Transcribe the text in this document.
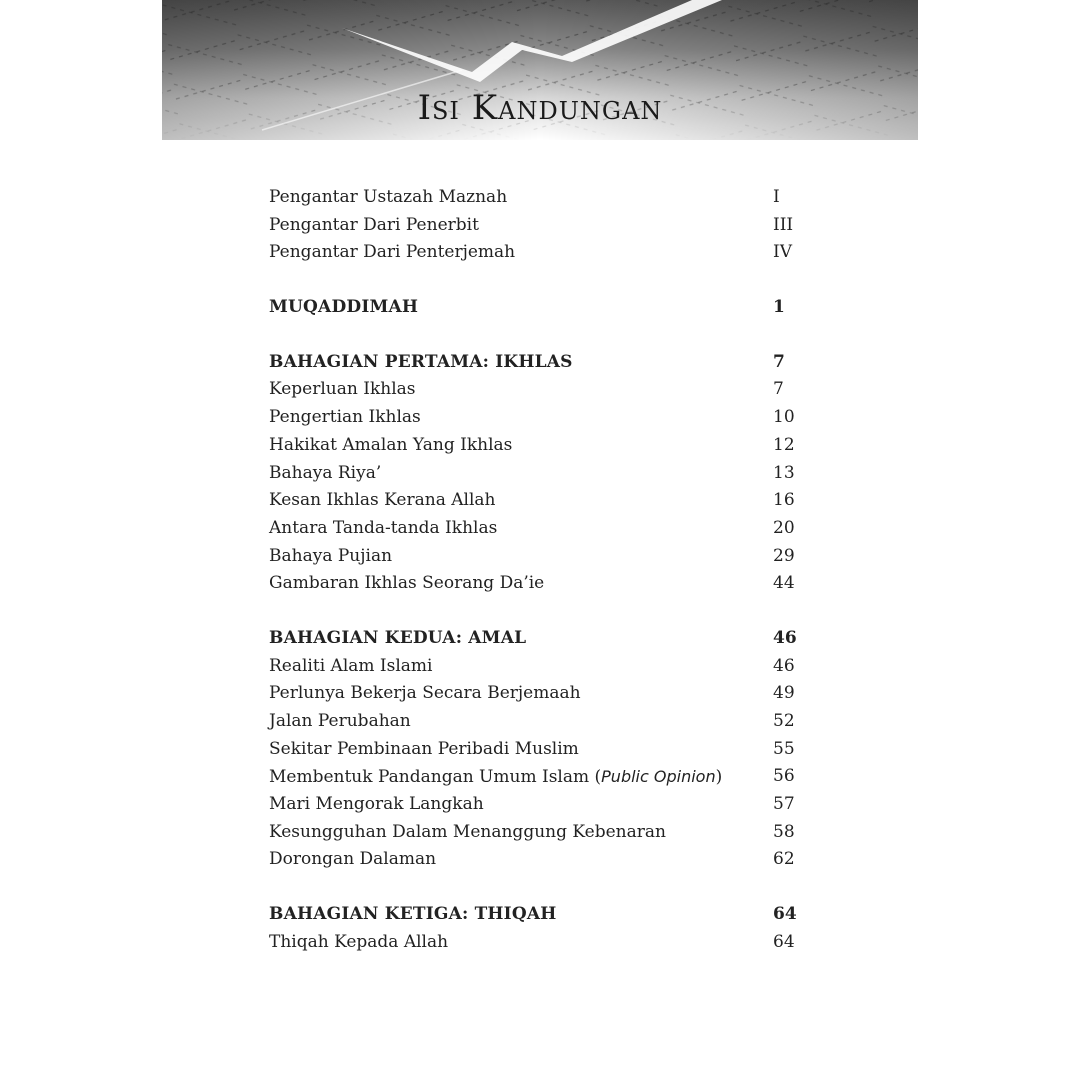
Isi Kandungan
Pengantar Ustazah Maznah	I
Pengantar Dari Penerbit	III
Pengantar Dari Penterjemah	IV
MUQADDIMAH	1
BAHAGIAN PERTAMA: IKHLAS	7
Keperluan Ikhlas	7
Pengertian Ikhlas	10
Hakikat Amalan Yang Ikhlas	12
Bahaya Riya’	13
Kesan Ikhlas Kerana Allah	16
Antara Tanda-tanda Ikhlas	20
Bahaya Pujian	29
Gambaran Ikhlas Seorang Da’ie	44
BAHAGIAN KEDUA: AMAL	46
Realiti Alam Islami	46
Perlunya Bekerja Secara Berjemaah	49
Jalan Perubahan	52
Sekitar Pembinaan Peribadi Muslim	55
Membentuk Pandangan Umum Islam (Public Opinion)	56
Mari Mengorak Langkah	57
Kesungguhan Dalam Menanggung Kebenaran	58
Dorongan Dalaman	62
BAHAGIAN KETIGA: THIQAH	64
Thiqah Kepada Allah	64
